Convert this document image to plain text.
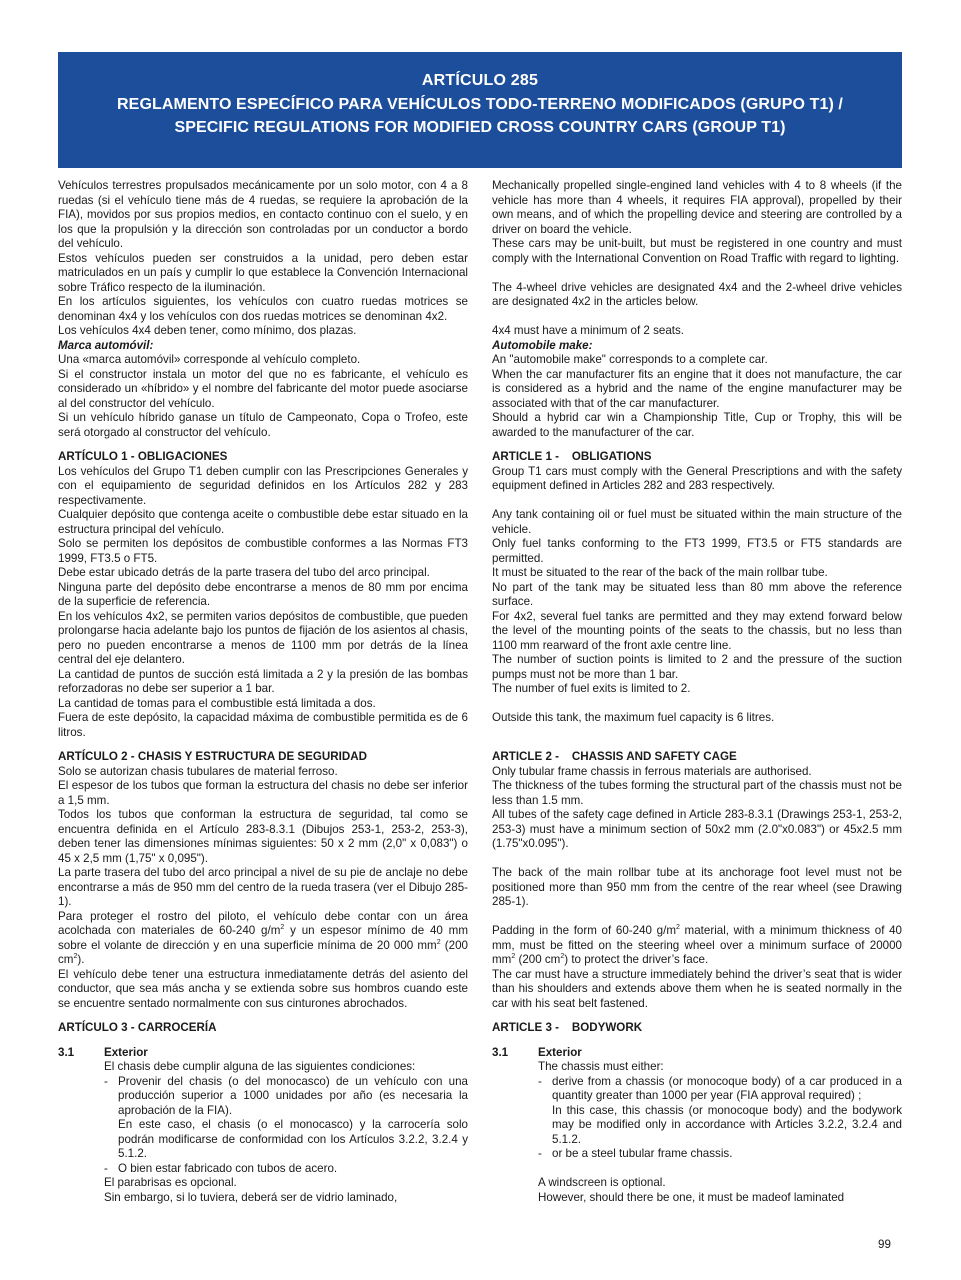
ARTÍCULO 285
REGLAMENTO ESPECÍFICO PARA VEHÍCULOS TODO-TERRENO MODIFICADOS (GRUPO T1) /
SPECIFIC REGULATIONS FOR MODIFIED CROSS COUNTRY CARS (GROUP T1)

Vehículos terrestres propulsados mecánicamente por un solo motor, con 4 a 8 ruedas (si el vehículo tiene más de 4 ruedas, se requiere la aprobación de la FIA), movidos por sus propios medios, en contacto continuo con el suelo, y en los que la propulsión y la dirección son controladas por un conductor a bordo del vehículo.

Estos vehículos pueden ser construidos a la unidad, pero deben estar matriculados en un país y cumplir lo que establece la Convención Internacional sobre Tráfico respecto de la iluminación.

En los artículos siguientes, los vehículos con cuatro ruedas motrices se denominan 4x4 y los vehículos con dos ruedas motrices se denominan 4x2.

Los vehículos 4x4 deben tener, como mínimo, dos plazas.

Marca automóvil:

Una «marca automóvil» corresponde al vehículo completo.

Si el constructor instala un motor del que no es fabricante, el vehículo es considerado un «híbrido» y el nombre del fabricante del motor puede asociarse al del constructor del vehículo.

Si un vehículo híbrido ganase un título de Campeonato, Copa o Trofeo, este será otorgado al constructor del vehículo.

ARTÍCULO 1 - OBLIGACIONES

Los vehículos del Grupo T1 deben cumplir con las Prescripciones Generales y con el equipamiento de seguridad definidos en los Artículos 282 y 283 respectivamente.

Cualquier depósito que contenga aceite o combustible debe estar situado en la estructura principal del vehículo.

Solo se permiten los depósitos de combustible conformes a las Normas FT3 1999, FT3.5 o FT5.

Debe estar ubicado detrás de la parte trasera del tubo del arco principal.

Ninguna parte del depósito debe encontrarse a menos de 80 mm por encima de la superficie de referencia.

En los vehículos 4x2, se permiten varios depósitos de combustible, que pueden prolongarse hacia adelante bajo los puntos de fijación de los asientos al chasis, pero no pueden encontrarse a menos de 1100 mm por detrás de la línea central del eje delantero.

La cantidad de puntos de succión está limitada a 2 y la presión de las bombas reforzadoras no debe ser superior a 1 bar.

La cantidad de tomas para el combustible está limitada a dos.

Fuera de este depósito, la capacidad máxima de combustible permitida es de 6 litros.

ARTÍCULO 2 - CHASIS Y ESTRUCTURA DE SEGURIDAD

Solo se autorizan chasis tubulares de material ferroso.

El espesor de los tubos que forman la estructura del chasis no debe ser inferior a 1,5 mm.

Todos los tubos que conforman la estructura de seguridad, tal como se encuentra definida en el Artículo 283-8.3.1 (Dibujos 253-1, 253-2, 253-3), deben tener las dimensiones mínimas siguientes: 50 x 2 mm (2,0" x 0,083") o 45 x 2,5 mm (1,75" x 0,095").

La parte trasera del tubo del arco principal a nivel de su pie de anclaje no debe encontrarse a más de 950 mm del centro de la rueda trasera (ver el Dibujo 285-1).

Para proteger el rostro del piloto, el vehículo debe contar con un área acolchada con materiales de 60-240 $g/m^2$ y un espesor mínimo de 40 mm sobre el volante de dirección y en una superficie mínima de 20 000 $mm^2$ (200 $cm^2$).

El vehículo debe tener una estructura inmediatamente detrás del asiento del conductor, que sea más ancha y se extienda sobre sus hombros cuando este se encuentre sentado normalmente con sus cinturones abrochados.

ARTÍCULO 3 - CARROCERÍA

3.1	Exterior

El chasis debe cumplir alguna de las siguientes condiciones:

- Provenir del chasis (o del monocasco) de un vehículo con una producción superior a 1000 unidades por año (es necesaria la aprobación de la FIA).

En este caso, el chasis (o el monocasco) y la carrocería solo podrán modificarse de conformidad con los Artículos 3.2.2, 3.2.4 y 5.1.2.

- O bien estar fabricado con tubos de acero.

El parabrisas es opcional.

Sin embargo, si lo tuviera, deberá ser de vidrio laminado,

Mechanically propelled single-engined land vehicles with 4 to 8 wheels (if the vehicle has more than 4 wheels, it requires FIA approval), propelled by their own means, and of which the propelling device and steering are controlled by a driver on board the vehicle.

These cars may be unit-built, but must be registered in one country and must comply with the International Convention on Road Traffic with regard to lighting.

The 4-wheel drive vehicles are designated 4x4 and the 2-wheel drive vehicles are designated 4x2 in the articles below.

4x4 must have a minimum of 2 seats.

Automobile make:

An "automobile make" corresponds to a complete car.

When the car manufacturer fits an engine that it does not manufacture, the car is considered as a hybrid and the name of the engine manufacturer may be associated with that of the car manufacturer.

Should a hybrid car win a Championship Title, Cup or Trophy, this will be awarded to the manufacturer of the car.

ARTICLE 1 -    OBLIGATIONS

Group T1 cars must comply with the General Prescriptions and with the safety equipment defined in Articles 282 and 283 respectively.

Any tank containing oil or fuel must be situated within the main structure of the vehicle.

Only fuel tanks conforming to the FT3 1999, FT3.5 or FT5 standards are permitted.

It must be situated to the rear of the back of the main rollbar tube.

No part of the tank may be situated less than 80 mm above the reference surface.

For 4x2, several fuel tanks are permitted and they may extend forward below the level of the mounting points of the seats to the chassis, but no less than 1100 mm rearward of the front axle centre line.

The number of suction points is limited to 2 and the pressure of the suction pumps must not be more than 1 bar.

The number of fuel exits is limited to 2.

Outside this tank, the maximum fuel capacity is 6 litres.

ARTICLE 2 -    CHASSIS AND SAFETY CAGE

Only tubular frame chassis in ferrous materials are authorised.

The thickness of the tubes forming the structural part of the chassis must not be less than 1.5 mm.

All tubes of the safety cage defined in Article 283-8.3.1 (Drawings 253-1, 253-2, 253-3) must have a minimum section of 50x2 mm (2.0"x0.083") or 45x2.5 mm (1.75"x0.095").

The back of the main rollbar tube at its anchorage foot level must not be positioned more than 950 mm from the centre of the rear wheel (see Drawing 285-1).

Padding in the form of 60-240 $g/m^2$ material, with a minimum thickness of 40 mm, must be fitted on the steering wheel over a minimum surface of 20000 $mm^2$ (200 $cm^2$) to protect the driver’s face.

The car must have a structure immediately behind the driver’s seat that is wider than his shoulders and extends above them when he is seated normally in the car with his seat belt fastened.

ARTICLE 3 -    BODYWORK

3.1	Exterior

The chassis must either:

- derive from a chassis (or monocoque body) of a car produced in a quantity greater than 1000 per year (FIA approval required) ;

In this case, this chassis (or monocoque body) and the bodywork may be modified only in accordance with Articles 3.2.2, 3.2.4 and 5.1.2.

- or be a steel tubular frame chassis.

A windscreen is optional.

However, should there be one, it must be madeof laminated

99
